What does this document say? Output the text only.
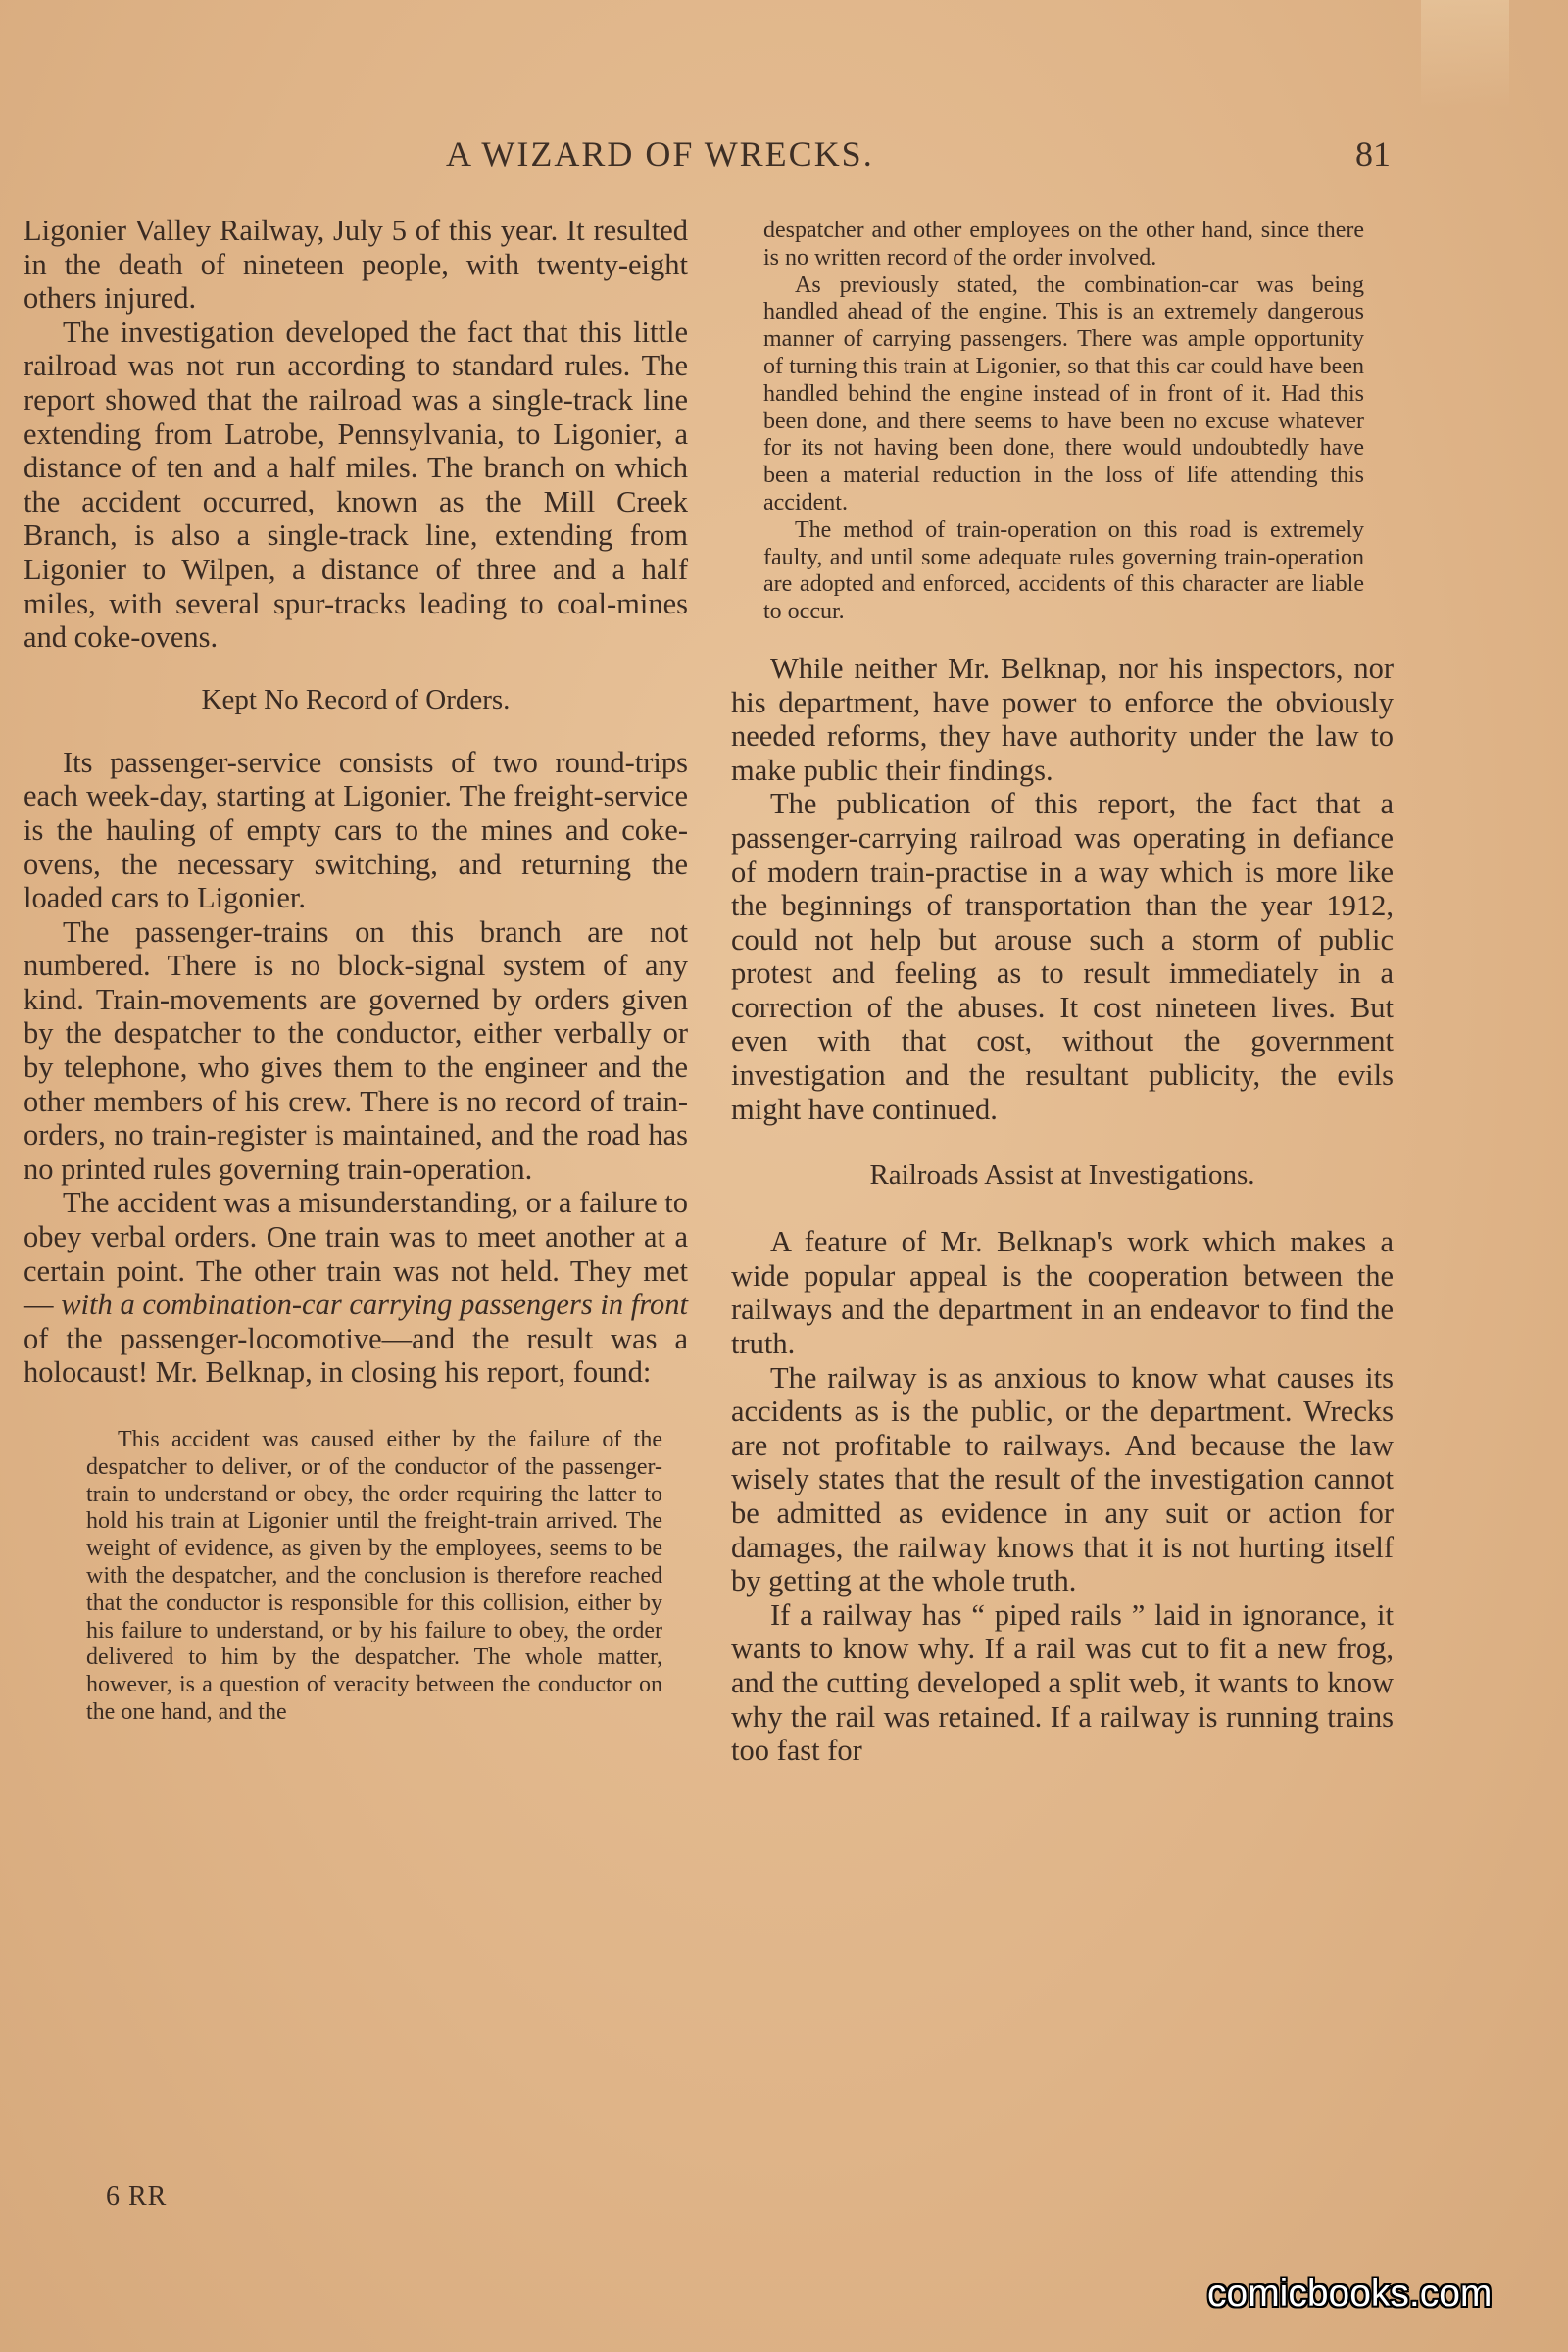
A WIZARD OF WRECKS.	81

Ligonier Valley Railway, July 5 of this year. It resulted in the death of nineteen people, with twenty-eight others injured.

The investigation developed the fact that this little railroad was not run according to standard rules. The report showed that the railroad was a single-track line extending from Latrobe, Pennsylvania, to Ligonier, a distance of ten and a half miles. The branch on which the accident occurred, known as the Mill Creek Branch, is also a single-track line, extending from Ligonier to Wilpen, a distance of three and a half miles, with several spur-tracks leading to coal-mines and coke-ovens.

Kept No Record of Orders.

Its passenger-service consists of two round-trips each week-day, starting at Ligonier. The freight-service is the hauling of empty cars to the mines and coke-ovens, the necessary switching, and returning the loaded cars to Ligonier.

The passenger-trains on this branch are not numbered. There is no block-signal system of any kind. Train-movements are governed by orders given by the despatcher to the conductor, either verbally or by telephone, who gives them to the engineer and the other members of his crew. There is no record of train-orders, no train-register is maintained, and the road has no printed rules governing train-operation.

The accident was a misunderstanding, or a failure to obey verbal orders. One train was to meet another at a certain point. The other train was not held. They met — with a combination-car carrying passengers in front of the passenger-locomotive—and the result was a holocaust! Mr. Belknap, in closing his report, found:

This accident was caused either by the failure of the despatcher to deliver, or of the conductor of the passenger-train to understand or obey, the order requiring the latter to hold his train at Ligonier until the freight-train arrived. The weight of evidence, as given by the employees, seems to be with the despatcher, and the conclusion is therefore reached that the conductor is responsible for this collision, either by his failure to understand, or by his failure to obey, the order delivered to him by the despatcher. The whole matter, however, is a question of veracity between the conductor on the one hand, and the

6 RR

despatcher and other employees on the other hand, since there is no written record of the order involved.

As previously stated, the combination-car was being handled ahead of the engine. This is an extremely dangerous manner of carrying passengers. There was ample opportunity of turning this train at Ligonier, so that this car could have been handled behind the engine instead of in front of it. Had this been done, and there seems to have been no excuse whatever for its not having been done, there would undoubtedly have been a material reduction in the loss of life attending this accident.

The method of train-operation on this road is extremely faulty, and until some adequate rules governing train-operation are adopted and enforced, accidents of this character are liable to occur.

While neither Mr. Belknap, nor his inspectors, nor his department, have power to enforce the obviously needed reforms, they have authority under the law to make public their findings.

The publication of this report, the fact that a passenger-carrying railroad was operating in defiance of modern train-practise in a way which is more like the beginnings of transportation than the year 1912, could not help but arouse such a storm of public protest and feeling as to result immediately in a correction of the abuses. It cost nineteen lives. But even with that cost, without the government investigation and the resultant publicity, the evils might have continued.

Railroads Assist at Investigations.

A feature of Mr. Belknap's work which makes a wide popular appeal is the cooperation between the railways and the department in an endeavor to find the truth.

The railway is as anxious to know what causes its accidents as is the public, or the department. Wrecks are not profitable to railways. And because the law wisely states that the result of the investigation cannot be admitted as evidence in any suit or action for damages, the railway knows that it is not hurting itself by getting at the whole truth.

If a railway has “ piped rails ” laid in ignorance, it wants to know why. If a rail was cut to fit a new frog, and the cutting developed a split web, it wants to know why the rail was retained. If a railway is running trains too fast for

comicbooks.com
